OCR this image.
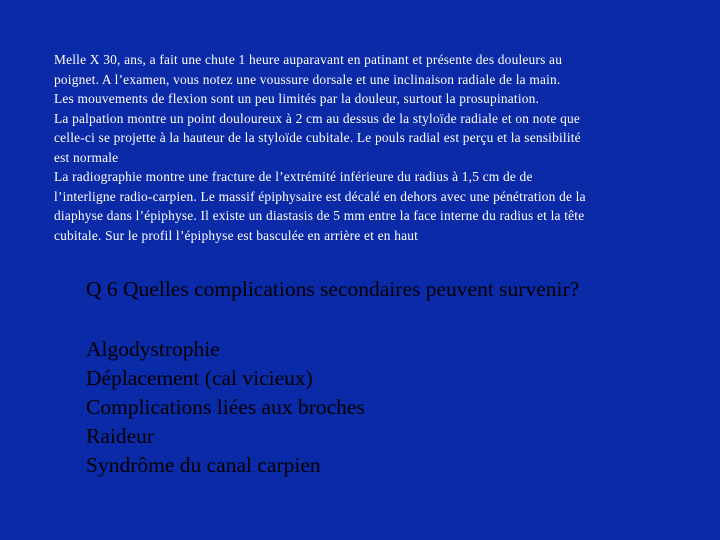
Melle X 30, ans, a fait une chute 1 heure auparavant en patinant et présente des douleurs au
poignet. A l’examen, vous notez une voussure dorsale et une inclinaison radiale de la main.
Les mouvements de flexion sont un peu limités par la douleur, surtout la prosupination.
La palpation montre un point douloureux à 2 cm au dessus de la styloïde radiale et on note que
celle-ci se projette à la hauteur de la styloïde cubitale. Le pouls radial est perçu et la sensibilité
est normale
La radiographie montre une fracture de l’extrémité inférieure du radius à 1,5 cm de de
l’interligne radio-carpien. Le massif épiphysaire est décalé en dehors avec une pénétration de la
diaphyse dans l’épiphyse. Il existe un diastasis de 5 mm entre la face interne du radius et la tête
cubitale. Sur le profil l’épiphyse est basculée en arrière et en haut
Q 6 Quelles complications secondaires peuvent survenir?
Algodystrophie
Déplacement (cal vicieux)
Complications liées aux broches
Raideur
Syndrôme du canal carpien
